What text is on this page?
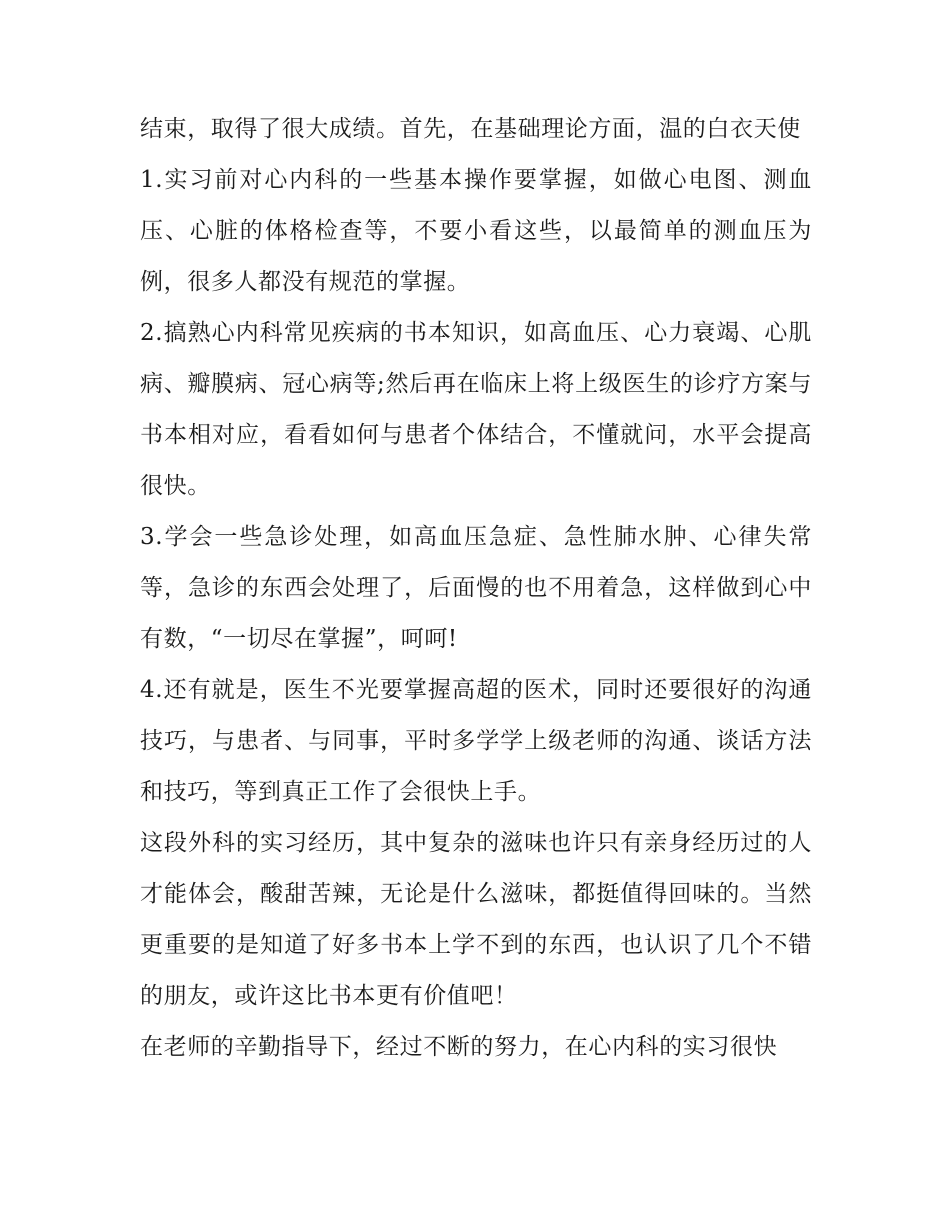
结束，取得了很大成绩。首先，在基础理论方面，温的白衣天使

1.实习前对心内科的一些基本操作要掌握，如做心电图、测血压、心脏的体格检查等，不要小看这些，以最简单的测血压为例，很多人都没有规范的掌握。

2.搞熟心内科常见疾病的书本知识，如高血压、心力衰竭、心肌病、瓣膜病、冠心病等;然后再在临床上将上级医生的诊疗方案与书本相对应，看看如何与患者个体结合，不懂就问，水平会提高很快。

3.学会一些急诊处理，如高血压急症、急性肺水肿、心律失常等，急诊的东西会处理了，后面慢的也不用着急，这样做到心中有数，“一切尽在掌握”，呵呵!

4.还有就是，医生不光要掌握高超的医术，同时还要很好的沟通技巧，与患者、与同事，平时多学学上级老师的沟通、谈话方法和技巧，等到真正工作了会很快上手。

这段外科的实习经历，其中复杂的滋味也许只有亲身经历过的人才能体会，酸甜苦辣，无论是什么滋味，都挺值得回味的。当然更重要的是知道了好多书本上学不到的东西，也认识了几个不错的朋友，或许这比书本更有价值吧！

在老师的辛勤指导下，经过不断的努力，在心内科的实习很快
